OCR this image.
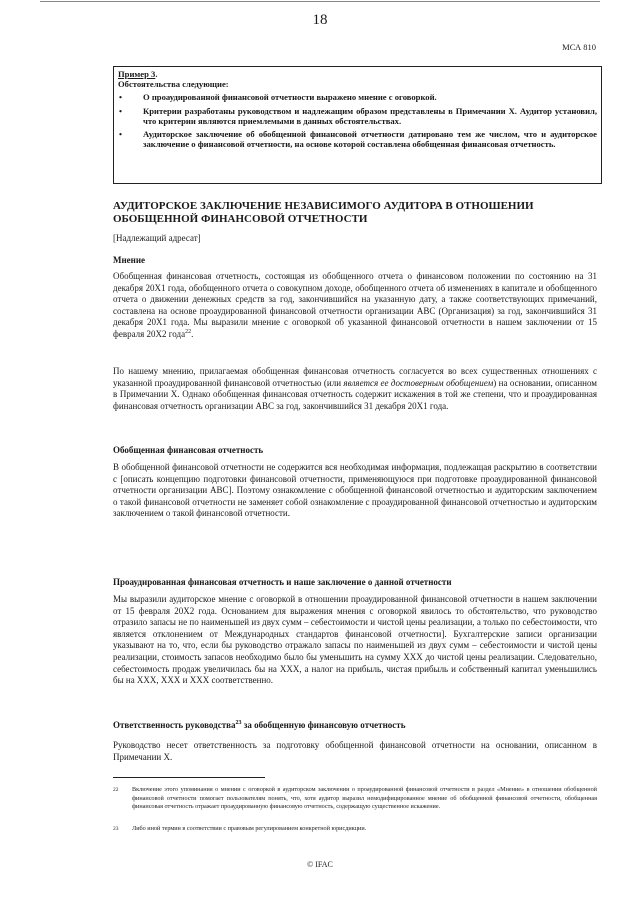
18
МСА 810
Пример 3.
Обстоятельства следующие:
• О проаудированной финансовой отчетности выражено мнение с оговоркой.
• Критерии разработаны руководством и надлежащим образом представлены в Примечании X. Аудитор установил, что критерии являются приемлемыми в данных обстоятельствах.
• Аудиторское заключение об обобщенной финансовой отчетности датировано тем же числом, что и аудиторское заключение о финансовой отчетности, на основе которой составлена обобщенная финансовая отчетность.
АУДИТОРСКОЕ ЗАКЛЮЧЕНИЕ НЕЗАВИСИМОГО АУДИТОРА В ОТНОШЕНИИ
ОБОБЩЕННОЙ ФИНАНСОВОЙ ОТЧЕТНОСТИ
[Надлежащий адресат]
Мнение
Обобщенная финансовая отчетность, состоящая из обобщенного отчета о финансовом положении по состоянию на 31 декабря 20X1 года, обобщенного отчета о совокупном доходе, обобщенного отчета об изменениях в капитале и обобщенного отчета о движении денежных средств за год, закончившийся на указанную дату, а также соответствующих примечаний, составлена на основе проаудированной финансовой отчетности организации ABC (Организация) за год, закончившийся 31 декабря 20X1 года. Мы выразили мнение с оговоркой об указанной финансовой отчетности в нашем заключении от 15 февраля 20X2 года$^{22}$.
По нашему мнению, прилагаемая обобщенная финансовая отчетность согласуется во всех существенных отношениях с указанной проаудированной финансовой отчетностью (или является ее достоверным обобщением) на основании, описанном в Примечании X. Однако обобщенная финансовая отчетность содержит искажения в той же степени, что и проаудированная финансовая отчетность организации ABC за год, закончившийся 31 декабря 20X1 года.
Обобщенная финансовая отчетность
В обобщенной финансовой отчетности не содержится вся необходимая информация, подлежащая раскрытию в соответствии с [описать концепцию подготовки финансовой отчетности, применяющуюся при подготовке проаудированной финансовой отчетности организации ABC]. Поэтому ознакомление с обобщенной финансовой отчетностью и аудиторским заключением о такой финансовой отчетности не заменяет собой ознакомление с проаудированной финансовой отчетностью и аудиторским заключением о такой финансовой отчетности.
Проаудированная финансовая отчетность и наше заключение о данной отчетности
Мы выразили аудиторское мнение с оговоркой в отношении проаудированной финансовой отчетности в нашем заключении от 15 февраля 20X2 года. Основанием для выражения мнения с оговоркой явилось то обстоятельство, что руководство отразило запасы не по наименьшей из двух сумм – себестоимости и чистой цены реализации, а только по себестоимости, что является отклонением от Международных стандартов финансовой отчетности]. Бухгалтерские записи организации указывают на то, что, если бы руководство отражало запасы по наименьшей из двух сумм – себестоимости и чистой цены реализации, стоимость запасов необходимо было бы уменьшить на сумму XXX до чистой цены реализации. Следовательно, себестоимость продаж увеличилась бы на XXX, а налог на прибыль, чистая прибыль и собственный капитал уменьшились бы на XXX, XXX и XXX соответственно.
Ответственность руководства$^{23}$ за обобщенную финансовую отчетность
Руководство несет ответственность за подготовку обобщенной финансовой отчетности на основании, описанном в Примечании X.
22	Включение этого упоминания о мнении с оговоркой в аудиторском заключении о проаудированной финансовой отчетности в раздел «Мнение» в отношении обобщенной финансовой отчетности помогает пользователям понять, что, хотя аудитор выразил немодифицированное мнение об обобщенной финансовой отчетности, обобщенная финансовая отчетность отражает проаудированную финансовую отчетность, содержащую существенное искажение.
23	Либо иной термин в соответствии с правовым регулированием конкретной юрисдикции.
© IFAC
